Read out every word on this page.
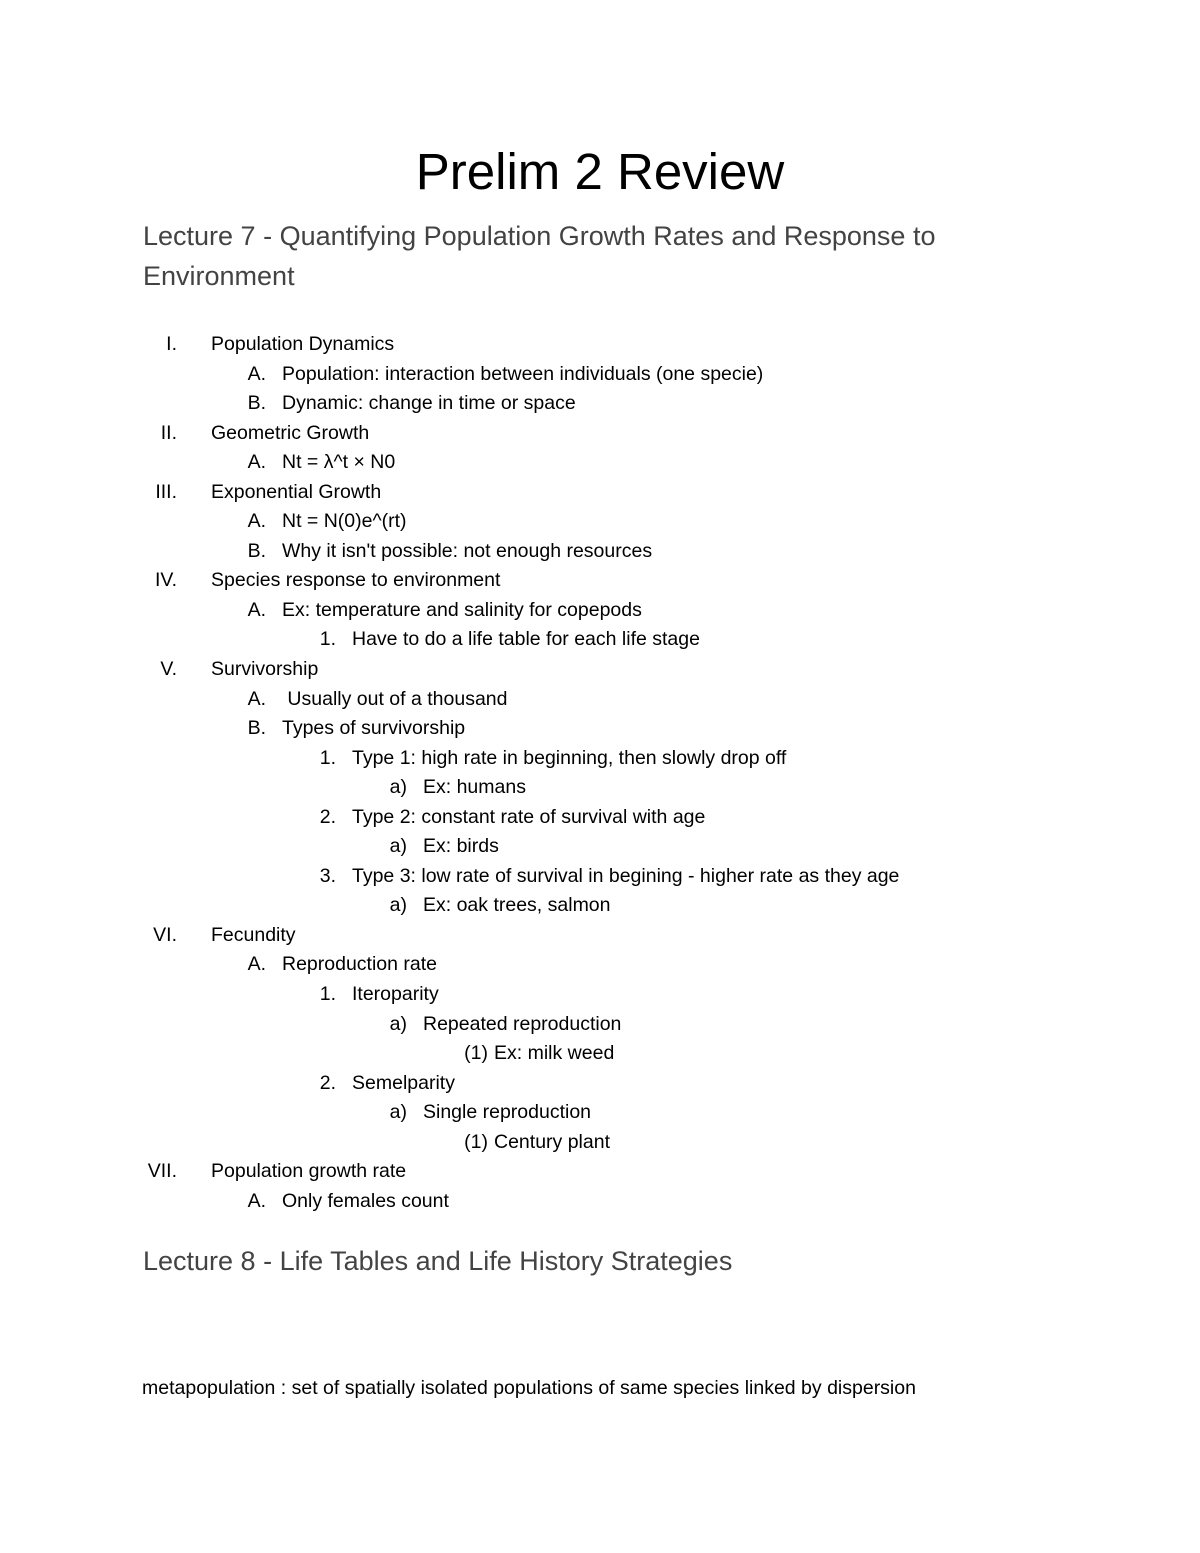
Prelim 2 Review
Lecture 7 - Quantifying Population Growth Rates and Response to Environment
I. Population Dynamics
A. Population: interaction between individuals (one specie)
B. Dynamic: change in time or space
II. Geometric Growth
A. Nt = λ^t × N0
III. Exponential Growth
A. Nt = N(0)e^(rt)
B. Why it isn't possible: not enough resources
IV. Species response to environment
A. Ex: temperature and salinity for copepods
1. Have to do a life table for each life stage
V. Survivorship
A. Usually out of a thousand
B. Types of survivorship
1. Type 1: high rate in beginning, then slowly drop off
a) Ex: humans
2. Type 2: constant rate of survival with age
a) Ex: birds
3. Type 3: low rate of survival in begining - higher rate as they age
a) Ex: oak trees, salmon
VI. Fecundity
A. Reproduction rate
1. Iteroparity
a) Repeated reproduction
(1) Ex: milk weed
2. Semelparity
a) Single reproduction
(1) Century plant
VII. Population growth rate
A. Only females count
Lecture 8 - Life Tables and Life History Strategies
metapopulation : set of spatially isolated populations of same species linked by dispersion
